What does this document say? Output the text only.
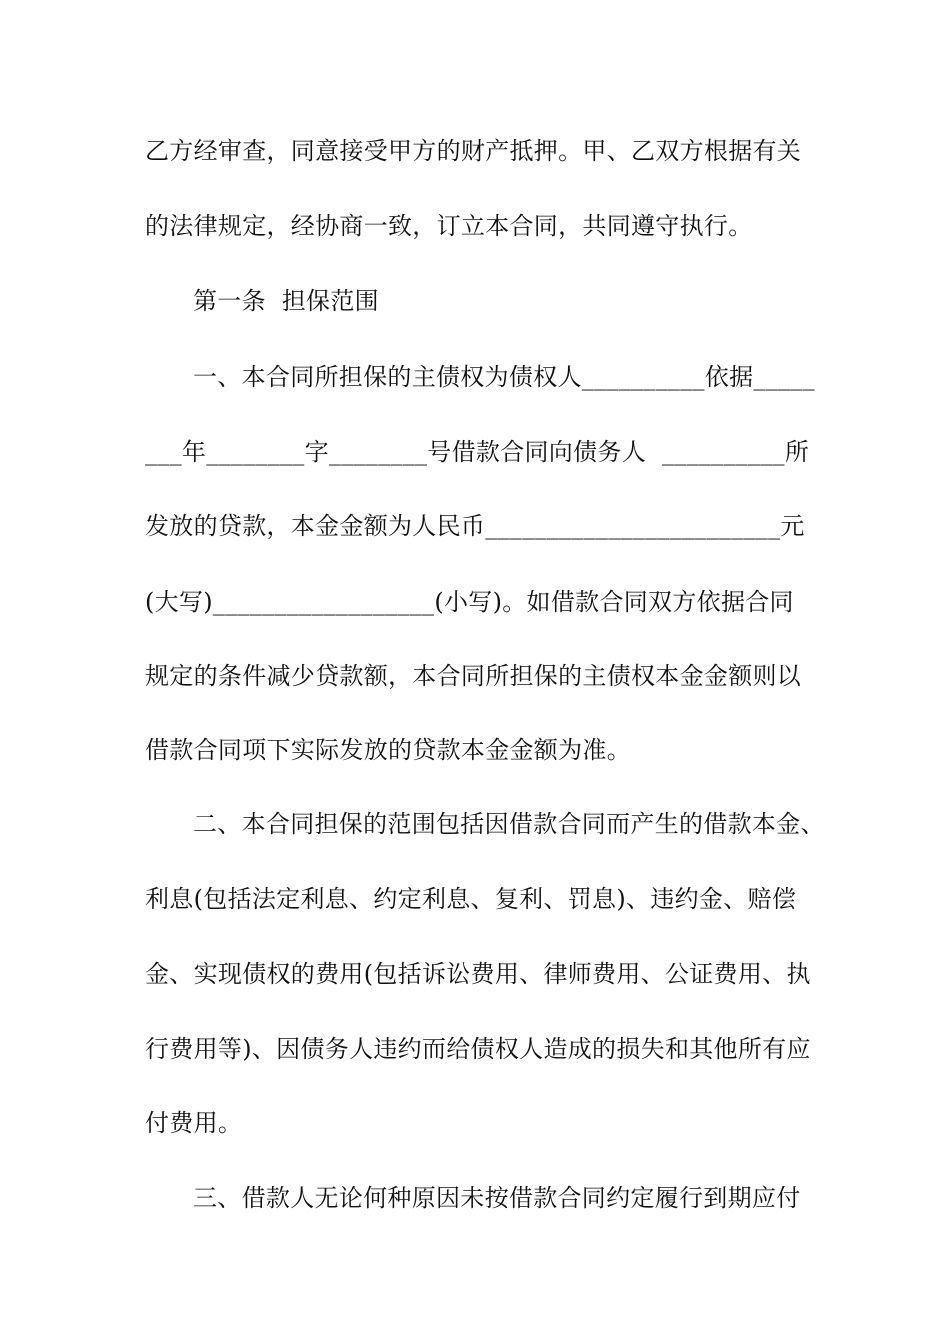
乙方经审查，同意接受甲方的财产抵押。甲、乙双方根据有关
的法律规定，经协商一致，订立本合同，共同遵守执行。
第一条  担保范围
一、本合同所担保的主债权为债权人__________依据_____
___年________字________号借款合同向债务人  __________所
发放的贷款，本金金额为人民币________________________元
(大写)__________________(小写)。如借款合同双方依据合同
规定的条件减少贷款额，本合同所担保的主债权本金金额则以
借款合同项下实际发放的贷款本金金额为准。
二、本合同担保的范围包括因借款合同而产生的借款本金、
利息(包括法定利息、约定利息、复利、罚息)、违约金、赔偿
金、实现债权的费用(包括诉讼费用、律师费用、公证费用、执
行费用等)、因债务人违约而给债权人造成的损失和其他所有应
付费用。
三、借款人无论何种原因未按借款合同约定履行到期应付
